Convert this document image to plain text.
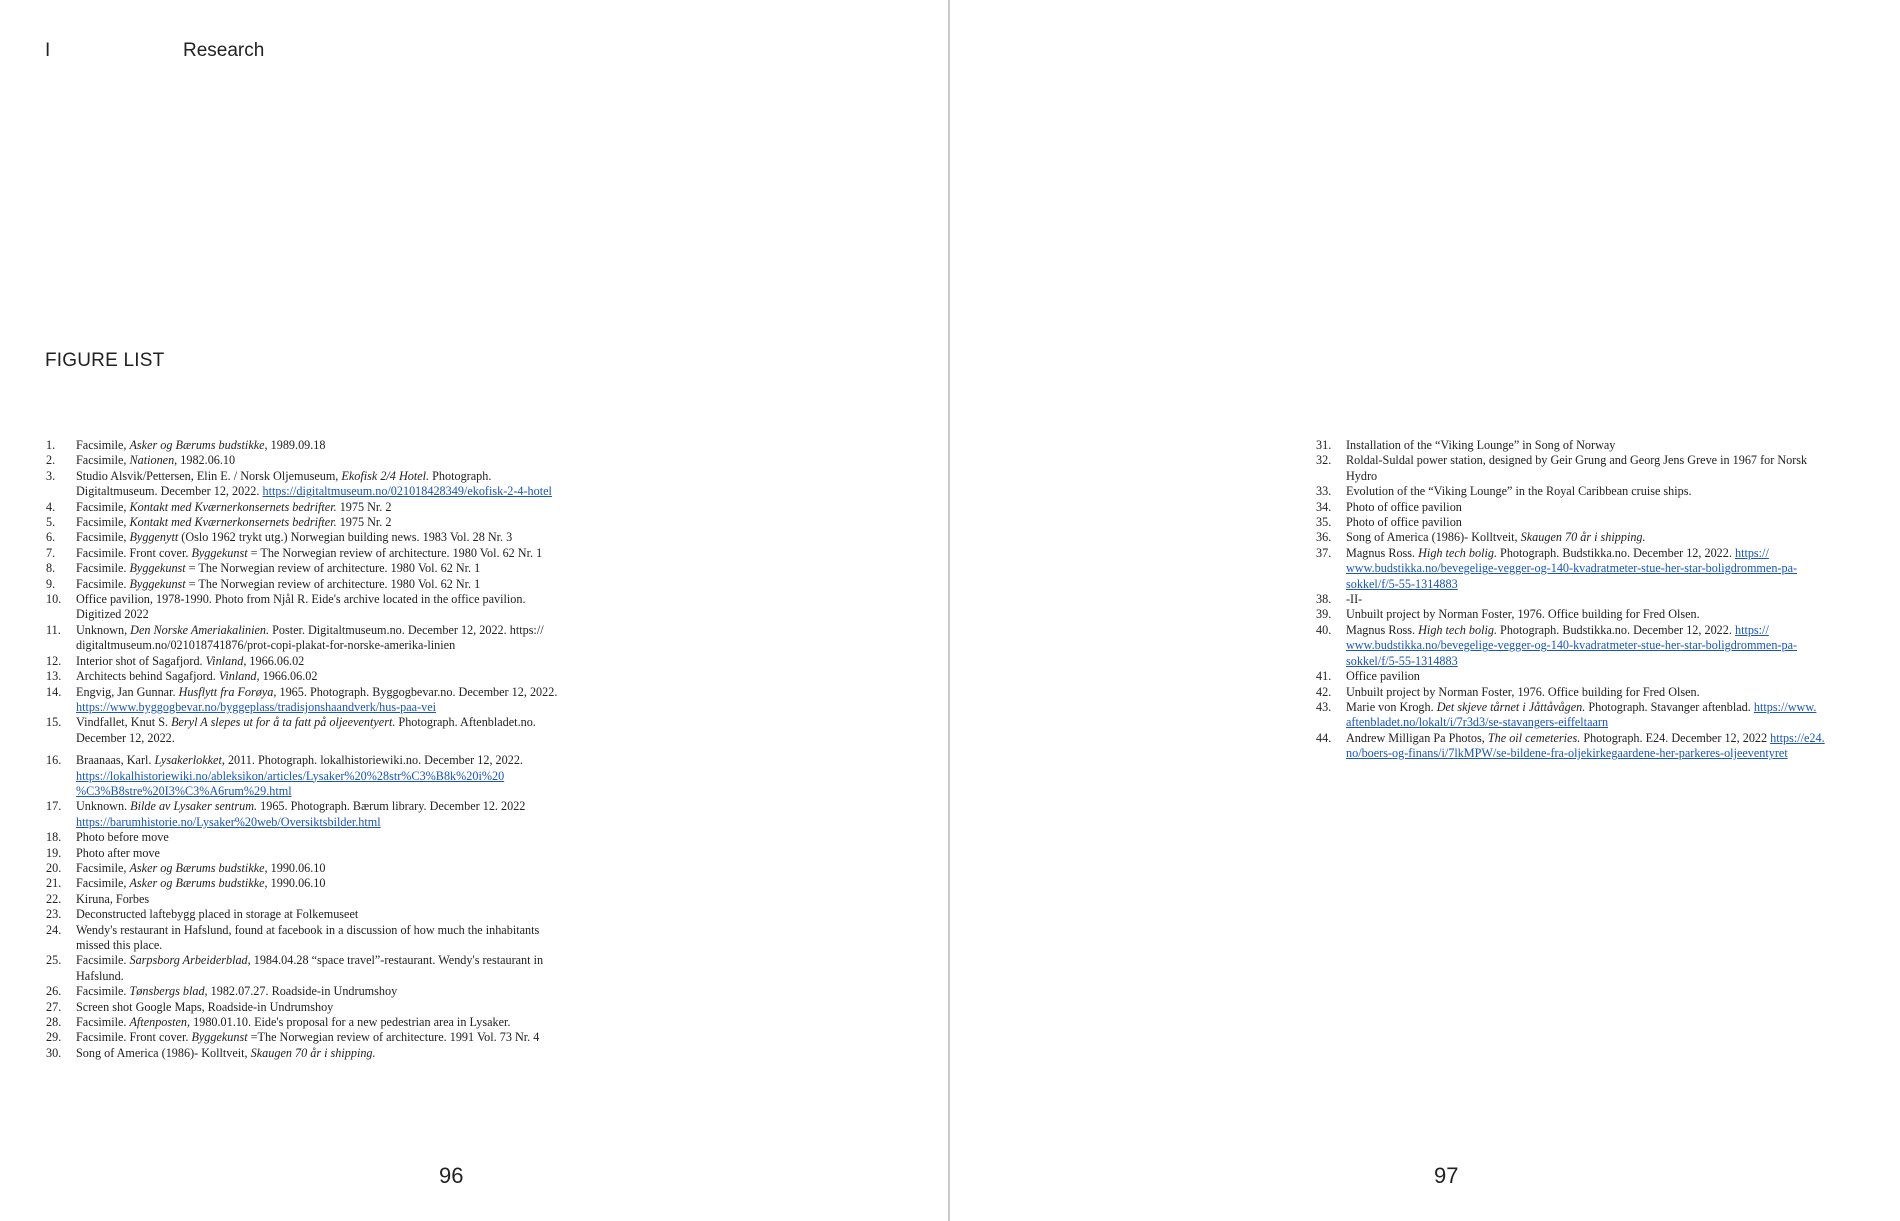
I	Research
FIGURE LIST
1. Facsimile, Asker og Bærums budstikke, 1989.09.18
2. Facsimile, Nationen, 1982.06.10
3. Studio Alsvik/Pettersen, Elin E. / Norsk Oljemuseum, Ekofisk 2/4 Hotel. Photograph.
Digitaltmuseum. December 12, 2022. https://digitaltmuseum.no/021018428349/ekofisk-2-4-hotel
4. Facsimile, Kontakt med Kværnerkonsernets bedrifter. 1975 Nr. 2
5. Facsimile, Kontakt med Kværnerkonsernets bedrifter. 1975 Nr. 2
6. Facsimile, Byggenytt (Oslo 1962 trykt utg.) Norwegian building news. 1983 Vol. 28 Nr. 3
7. Facsimile. Front cover. Byggekunst = The Norwegian review of architecture. 1980 Vol. 62 Nr. 1
8. Facsimile. Byggekunst = The Norwegian review of architecture. 1980 Vol. 62 Nr. 1
9. Facsimile. Byggekunst = The Norwegian review of architecture. 1980 Vol. 62 Nr. 1
10. Office pavilion, 1978-1990. Photo from Njål R. Eide's archive located in the office pavilion.
Digitized 2022
11. Unknown, Den Norske Ameriakalinien. Poster. Digitaltmuseum.no. December 12, 2022. https://
digitaltmuseum.no/021018741876/prot-copi-plakat-for-norske-amerika-linien
12. Interior shot of Sagafjord. Vinland, 1966.06.02
13. Architects behind Sagafjord. Vinland, 1966.06.02
14. Engvig, Jan Gunnar. Husflytt fra Forøya, 1965. Photograph. Byggogbevar.no. December 12, 2022.
https://www.byggogbevar.no/byggeplass/tradisjonshaandverk/hus-paa-vei
15. Vindfallet, Knut S. Beryl A slepes ut for å ta fatt på oljeeventyert. Photograph. Aftenbladet.no.
December 12, 2022.
16. Braanaas, Karl. Lysakerlokket, 2011. Photograph. lokalhistoriewiki.no. December 12, 2022.
https://lokalhistoriewiki.no/ableksikon/articles/Lysaker%20%28str%C3%B8k%20i%20
%C3%B8stre%20I3%C3%A6rum%29.html
17. Unknown. Bilde av Lysaker sentrum. 1965. Photograph. Bærum library. December 12. 2022
https://barumhistorie.no/Lysaker%20web/Oversiktsbilder.html
18. Photo before move
19. Photo after move
20. Facsimile, Asker og Bærums budstikke, 1990.06.10
21. Facsimile, Asker og Bærums budstikke, 1990.06.10
22. Kiruna, Forbes
23. Deconstructed laftebygg placed in storage at Folkemuseet
24. Wendy's restaurant in Hafslund, found at facebook in a discussion of how much the inhabitants
missed this place.
25. Facsimile. Sarpsborg Arbeiderblad, 1984.04.28 “space travel”-restaurant. Wendy's restaurant in
Hafslund.
26. Facsimile. Tønsbergs blad, 1982.07.27. Roadside-in Undrumshoy
27. Screen shot Google Maps, Roadside-in Undrumshoy
28. Facsimile. Aftenposten, 1980.01.10. Eide's proposal for a new pedestrian area in Lysaker.
29. Facsimile. Front cover. Byggekunst =The Norwegian review of architecture. 1991 Vol. 73 Nr. 4
30. Song of America (1986)- Kolltveit, Skaugen 70 år i shipping.
96
31. Installation of the “Viking Lounge” in Song of Norway
32. Roldal-Suldal power station, designed by Geir Grung and Georg Jens Greve in 1967 for Norsk
Hydro
33. Evolution of the “Viking Lounge” in the Royal Caribbean cruise ships.
34. Photo of office pavilion
35. Photo of office pavilion
36. Song of America (1986)- Kolltveit, Skaugen 70 år i shipping.
37. Magnus Ross. High tech bolig. Photograph. Budstikka.no. December 12, 2022. https://
www.budstikka.no/bevegelige-vegger-og-140-kvadratmeter-stue-her-star-boligdrommen-pa-
sokkel/f/5-55-1314883
38. -II-
39. Unbuilt project by Norman Foster, 1976. Office building for Fred Olsen.
40. Magnus Ross. High tech bolig. Photograph. Budstikka.no. December 12, 2022. https://
www.budstikka.no/bevegelige-vegger-og-140-kvadratmeter-stue-her-star-boligdrommen-pa-
sokkel/f/5-55-1314883
41. Office pavilion
42. Unbuilt project by Norman Foster, 1976. Office building for Fred Olsen.
43. Marie von Krogh. Det skjeve tårnet i Jåttåvågen. Photograph. Stavanger aftenblad. https://www.
aftenbladet.no/lokalt/i/7r3d3/se-stavangers-eiffeltaarn
44. Andrew Milligan Pa Photos, The oil cemeteries. Photograph. E24. December 12, 2022 https://e24.
no/boers-og-finans/i/7lkMPW/se-bildene-fra-oljekirkegaardene-her-parkeres-oljeeventyret
97
